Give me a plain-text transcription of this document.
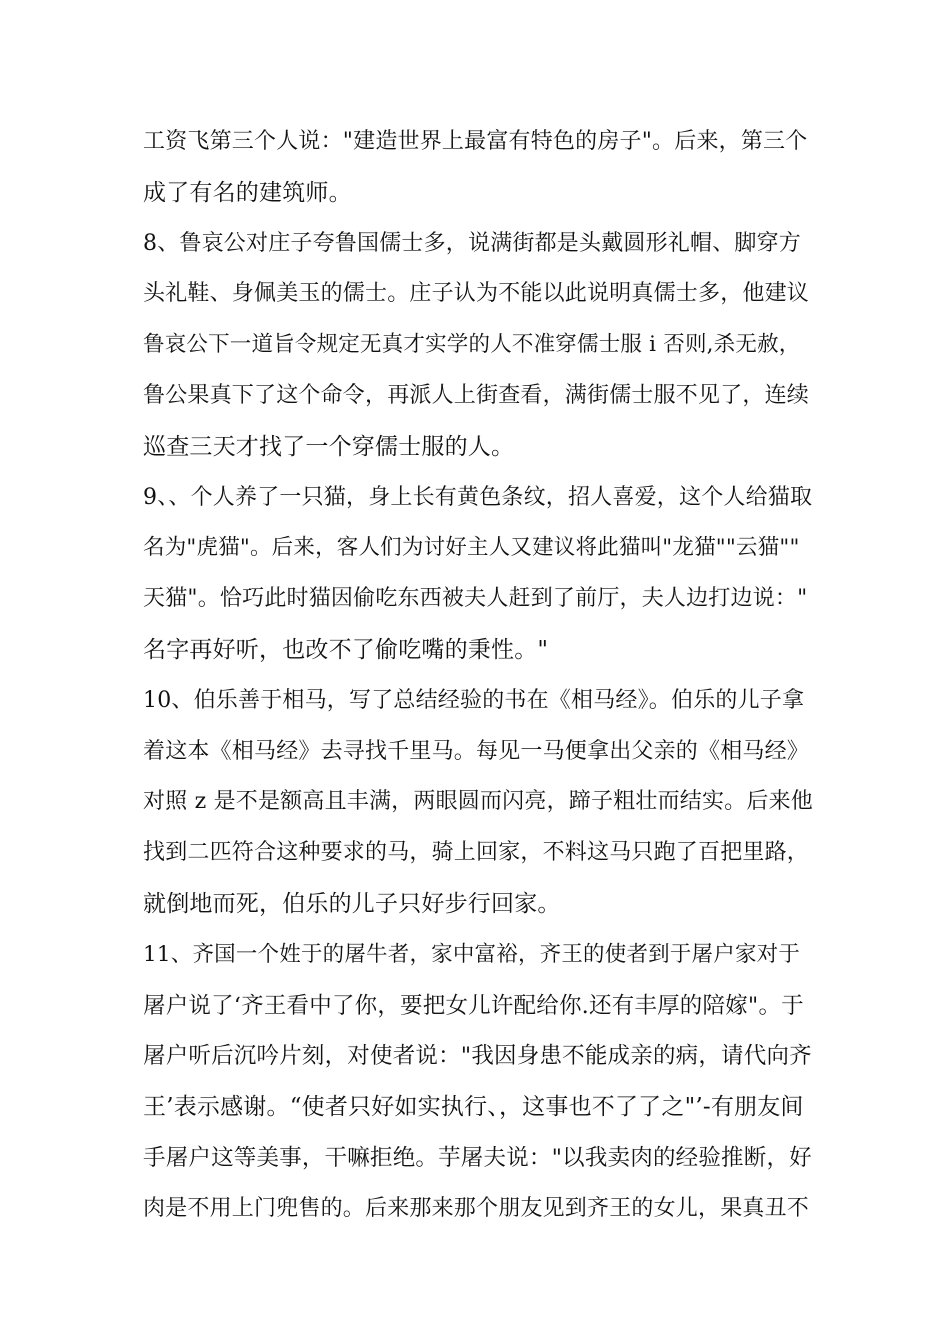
工资飞第三个人说："建造世界上最富有特色的房子"。后来，第三个
成了有名的建筑师。
8、鲁哀公对庄子夸鲁国儒士多，说满街都是头戴圆形礼帽、脚穿方
头礼鞋、身佩美玉的儒士。庄子认为不能以此说明真儒士多，他建议
鲁哀公下一道旨令规定无真才实学的人不准穿儒士服 i 否则,杀无赦，
鲁公果真下了这个命令，再派人上街查看，满街儒士服不见了，连续
巡查三天才找了一个穿儒士服的人。
9、、个人养了一只猫，身上长有黄色条纹，招人喜爱，这个人给猫取
名为"虎猫"。后来，客人们为讨好主人又建议将此猫叫"龙猫""云猫""
天猫"。恰巧此时猫因偷吃东西被夫人赶到了前厅，夫人边打边说："
名字再好听，也改不了偷吃嘴的秉性。"
10、伯乐善于相马，写了总结经验的书在《相马经》。伯乐的儿子拿
着这本《相马经》去寻找千里马。每见一马便拿出父亲的《相马经》
对照 z 是不是额高且丰满，两眼圆而闪亮，蹄子粗壮而结实。后来他
找到二匹符合这种要求的马，骑上回家，不料这马只跑了百把里路，
就倒地而死，伯乐的儿子只好步行回家。
11、齐国一个姓于的屠牛者，家中富裕，齐王的使者到于屠户家对于
屠户说了‘齐王看中了你，要把女儿许配给你.还有丰厚的陪嫁"。于
屠户听后沉吟片刻，对使者说："我因身患不能成亲的病，请代向齐
王’表示感谢。“使者只好如实执行、，这事也不了了之"’-有朋友间
手屠户这等美事，干嘛拒绝。芋屠夫说："以我卖肉的经验推断，好
肉是不用上门兜售的。后来那来那个朋友见到齐王的女儿，果真丑不
